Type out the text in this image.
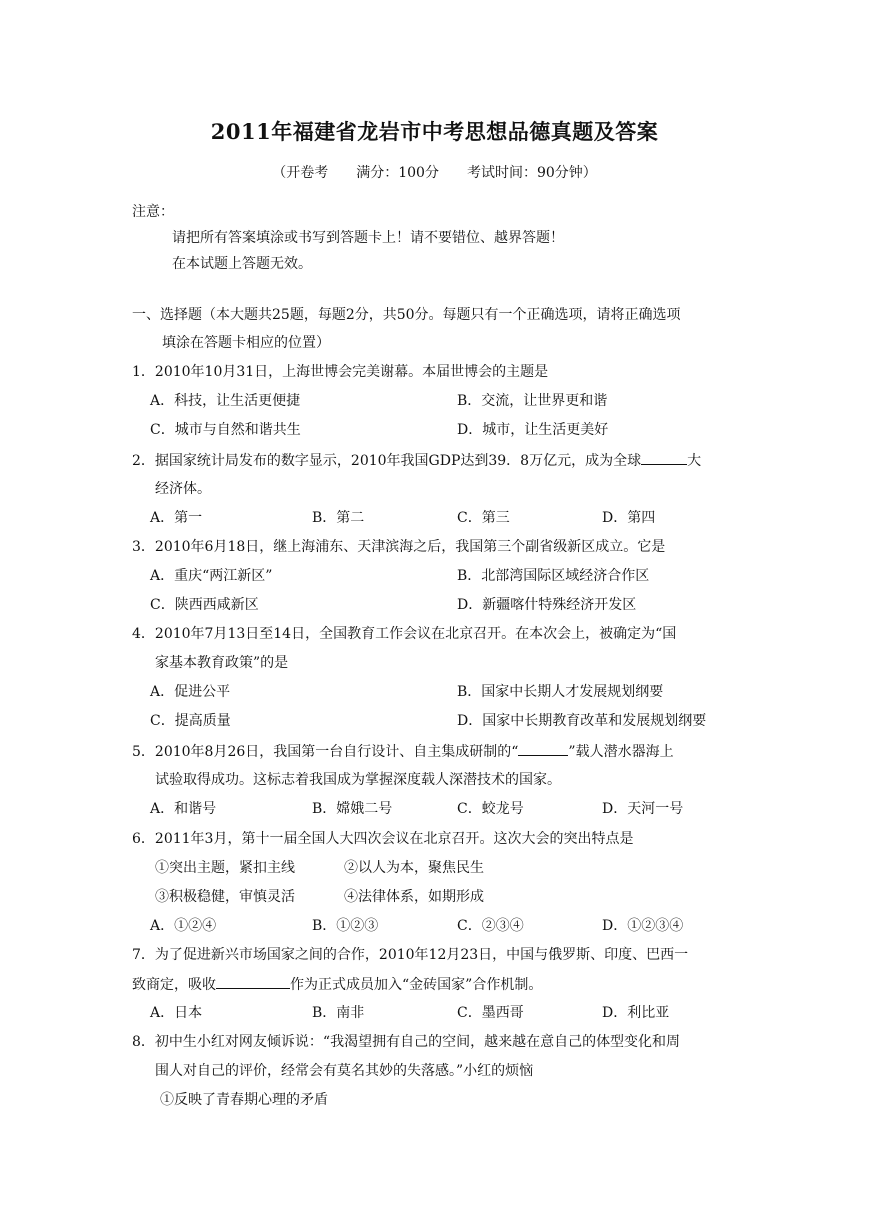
2011年福建省龙岩市中考思想品德真题及答案
（开卷考　　满分：100分　　考试时间：90分钟）
注意：
请把所有答案填涂或书写到答题卡上！请不要错位、越界答题！
在本试题上答题无效。
一、选择题（本大题共25题，每题2分，共50分。每题只有一个正确选项，请将正确选项
填涂在答题卡相应的位置）
1．2010年10月31日，上海世博会完美谢幕。本届世博会的主题是
A．科技，让生活更便捷	B．交流，让世界更和谐
C．城市与自然和谐共生	D．城市，让生活更美好
2．据国家统计局发布的数字显示，2010年我国GDP达到39．8万亿元，成为全球	大
经济体。
A．第一	B．第二	C．第三	D．第四
3．2010年6月18日，继上海浦东、天津滨海之后，我国第三个副省级新区成立。它是
A．重庆“两江新区”	B．北部湾国际区域经济合作区
C．陕西西咸新区	D．新疆喀什特殊经济开发区
4．2010年7月13日至14日，全国教育工作会议在北京召开。在本次会上，被确定为“国
家基本教育政策”的是
A．促进公平	B．国家中长期人才发展规划纲要
C．提高质量	D．国家中长期教育改革和发展规划纲要
5．2010年8月26日，我国第一台自行设计、自主集成研制的“	”载人潜水器海上
试验取得成功。这标志着我国成为掌握深度载人深潜技术的国家。
A．和谐号	B．嫦娥二号	C．蛟龙号	D．天河一号
6．2011年3月，第十一届全国人大四次会议在北京召开。这次大会的突出特点是
①突出主题，紧扣主线	②以人为本，聚焦民生
③积极稳健，审慎灵活	④法律体系，如期形成
A．①②④	B．①②③	C．②③④	D．①②③④
7．为了促进新兴市场国家之间的合作，2010年12月23日，中国与俄罗斯、印度、巴西一
致商定，吸收	作为正式成员加入“金砖国家”合作机制。
A．日本	B．南非	C．墨西哥	D．利比亚
8．初中生小红对网友倾诉说：“我渴望拥有自己的空间，越来越在意自己的体型变化和周
围人对自己的评价，经常会有莫名其妙的失落感。”小红的烦恼
①反映了青春期心理的矛盾
